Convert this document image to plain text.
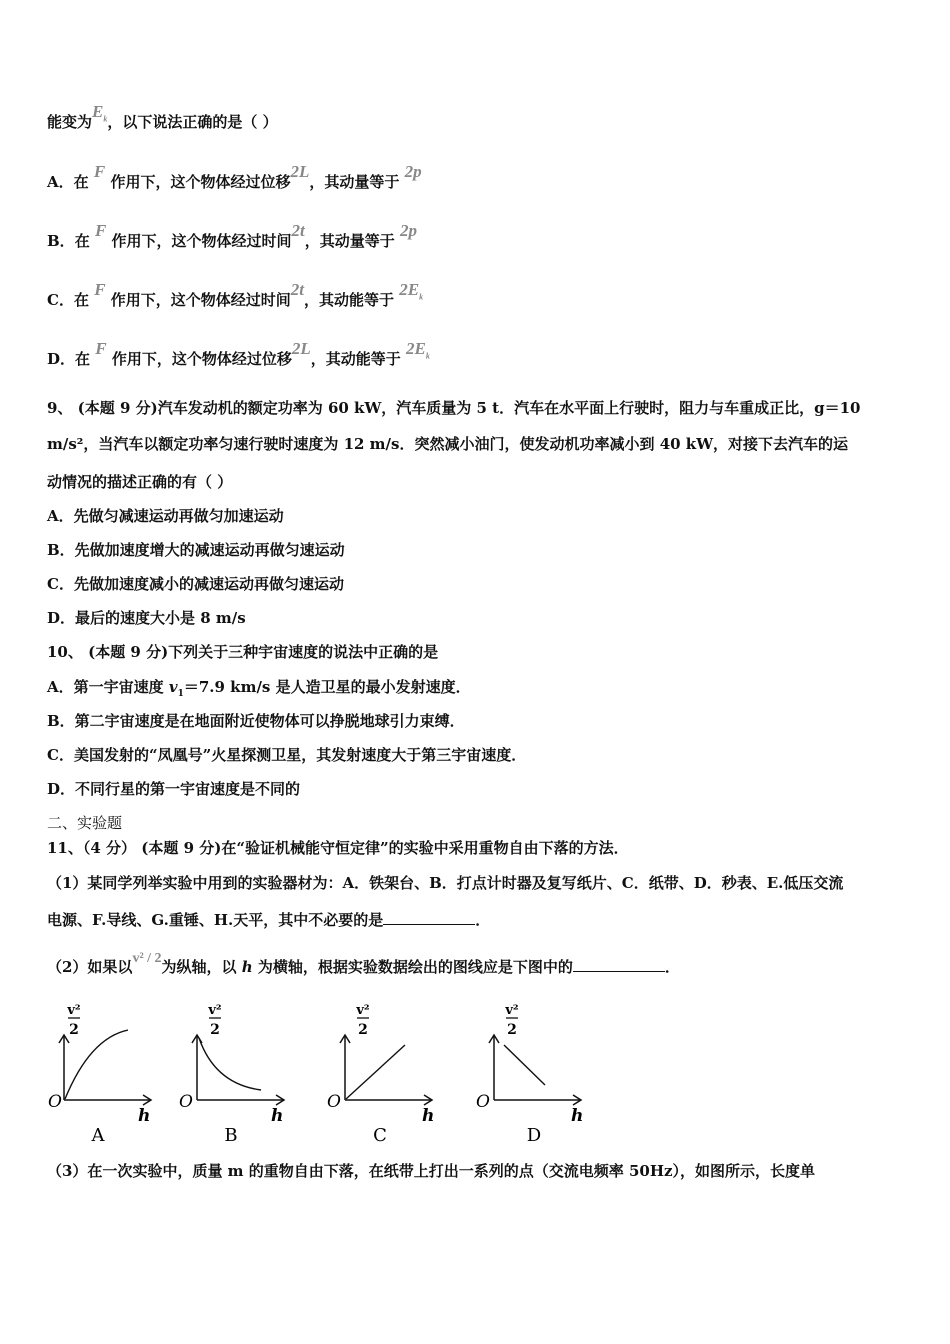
能变为$E_k$，以下说法正确的是（ ）
A．在 F 作用下，这个物体经过位移2L，其动量等于 2p
B．在 F 作用下，这个物体经过时间2t，其动量等于 2p
C．在 F 作用下，这个物体经过时间2t，其动能等于 $2E_k$
D．在 F 作用下，这个物体经过位移2L，其动能等于 $2E_k$
9、 (本题 9 分)汽车发动机的额定功率为 60 kW，汽车质量为 5 t．汽车在水平面上行驶时，阻力与车重成正比，g＝10
m/s²，当汽车以额定功率匀速行驶时速度为 12 m/s．突然减小油门，使发动机功率减小到 40 kW，对接下去汽车的运
动情况的描述正确的有（ ）
A．先做匀减速运动再做匀加速运动
B．先做加速度增大的减速运动再做匀速运动
C．先做加速度减小的减速运动再做匀速运动
D．最后的速度大小是 8 m/s
10、 (本题 9 分)下列关于三种宇宙速度的说法中正确的是
A．第一宇宙速度 $v_1=7.9$ km/s 是人造卫星的最小发射速度．
B．第二宇宙速度是在地面附近使物体可以挣脱地球引力束缚．
C．美国发射的“凤凰号”火星探测卫星，其发射速度大于第三宇宙速度．
D．不同行星的第一宇宙速度是不同的
二、实验题
11、（4 分） (本题 9 分)在“验证机械能守恒定律”的实验中采用重物自由下落的方法．
（1）某同学列举实验中用到的实验器材为：A．铁架台、B．打点计时器及复写纸片、C．纸带、D．秒表、E.低压交流
电源、F.导线、G.重锤、H.天平，其中不必要的是	．
（2）如果以v² / 2为纵轴，以 h 为横轴，根据实验数据绘出的图线应是下图中的	．
v²
2
O
h
A
v²
2
O
h
B
v²
2
O
h
C
v²
2
O
h
D
（3）在一次实验中，质量 m 的重物自由下落，在纸带上打出一系列的点（交流电频率 50Hz），如图所示，长度单
